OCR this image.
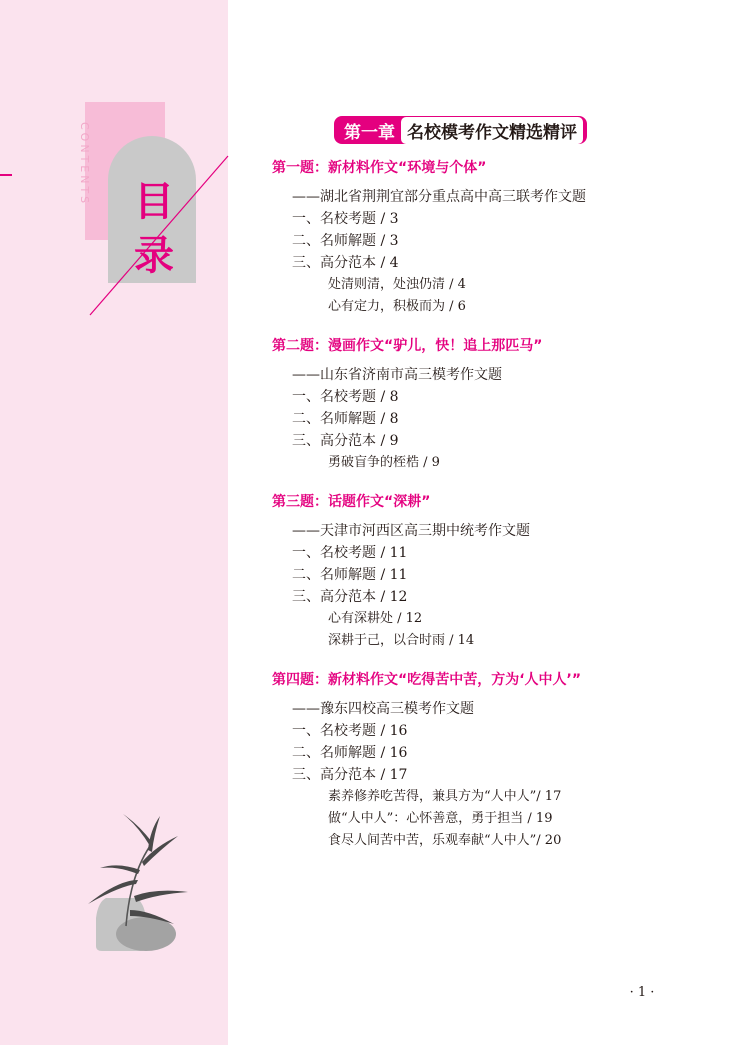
CONTENTS 目
录
第一章 名校模考作文精选精评
第一题：新材料作文“环境与个体”
——湖北省荆荆宜部分重点高中高三联考作文题
一、名校考题 / 3
二、名师解题 / 3
三、高分范本 / 4
处清则清，处浊仍清 / 4
心有定力，积极而为 / 6
第二题：漫画作文“驴儿，快！追上那匹马”
——山东省济南市高三模考作文题
一、名校考题 / 8
二、名师解题 / 8
三、高分范本 / 9
勇破盲争的桎梏 / 9
第三题：话题作文“深耕”
——天津市河西区高三期中统考作文题
一、名校考题 / 11
二、名师解题 / 11
三、高分范本 / 12
心有深耕处 / 12
深耕于己，以合时雨 / 14
第四题：新材料作文“吃得苦中苦，方为‘人中人’”
——豫东四校高三模考作文题
一、名校考题 / 16
二、名师解题 / 16
三、高分范本 / 17
素养修养吃苦得，兼具方为“人中人”/ 17
做“人中人”：心怀善意，勇于担当 / 19
食尽人间苦中苦，乐观奉献“人中人”/ 20
· 1 ·
